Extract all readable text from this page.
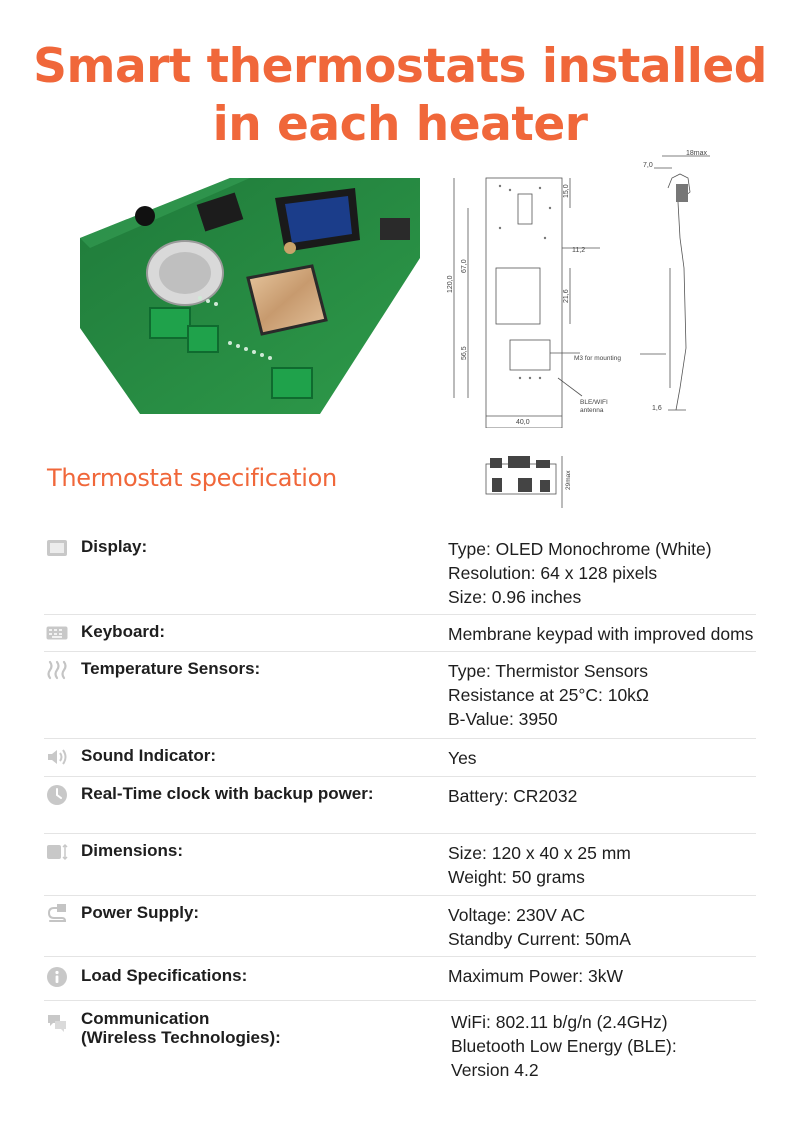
Smart thermostats installed
in each heater
18max
7,0
15,0
11,2
120,0
67,0
21,6
56,5
40,0
1,6
M3 for mounting
BLE/WIFI
antenna
29max
Thermostat specification
Display:	Type: OLED Monochrome (White)
Resolution: 64 x 128 pixels
Size: 0.96 inches
Keyboard:	Membrane keypad with improved doms
Temperature Sensors:	Type: Thermistor Sensors
Resistance at 25°C: 10kΩ
B-Value: 3950
Sound Indicator:	Yes
Real-Time clock with backup power:	Battery: CR2032
Dimensions:	Size: 120 x 40 x 25 mm
Weight: 50 grams
Power Supply:	Voltage: 230V AC
Standby Current: 50mA
Load Specifications:	Maximum Power: 3kW
Communication
(Wireless Technologies):
WiFi: 802.11 b/g/n (2.4GHz)
Bluetooth Low Energy (BLE):
Version 4.2
